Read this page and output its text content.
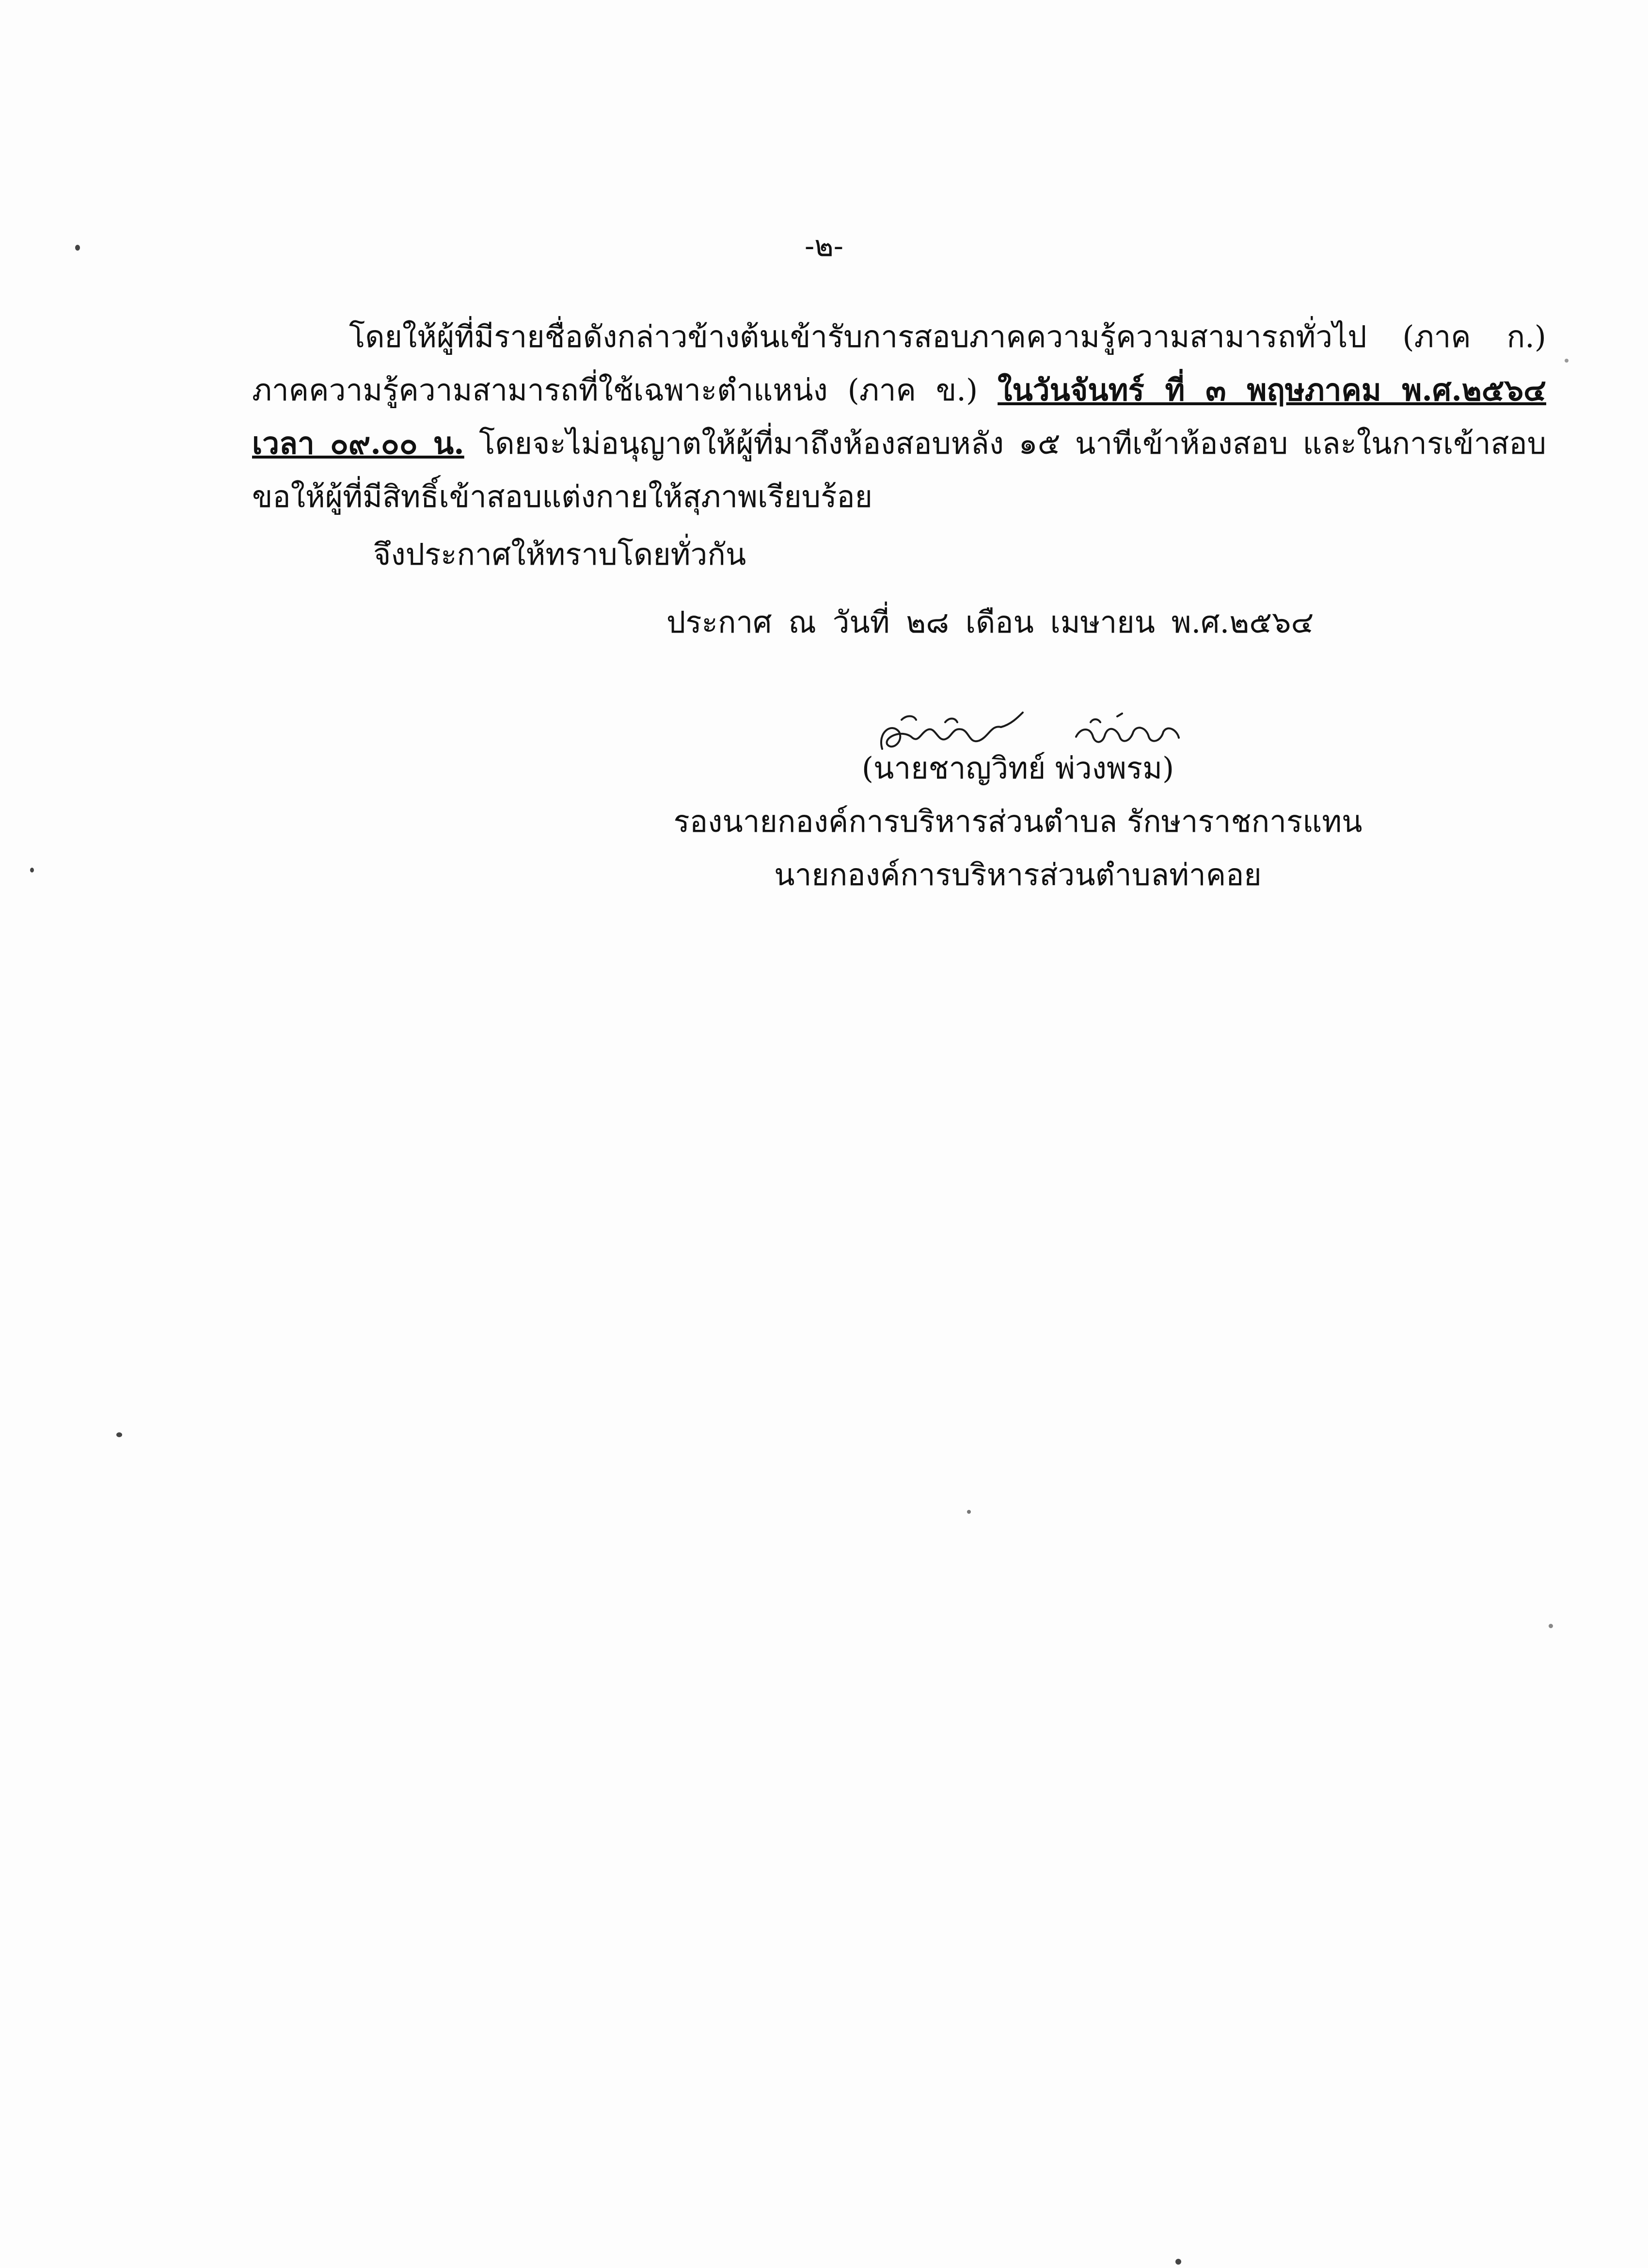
-๒-

โดยให้ผู้ที่มีรายชื่อดังกล่าวข้างต้นเข้ารับการสอบภาคความรู้ความสามารถทั่วไป (ภาค ก.) ภาคความรู้ความสามารถที่ใช้เฉพาะตำแหน่ง (ภาค ข.) ในวันจันทร์ ที่ ๓ พฤษภาคม พ.ศ.๒๕๖๔ เวลา ๐๙.๐๐ น. โดยจะไม่อนุญาตให้ผู้ที่มาถึงห้องสอบหลัง ๑๕ นาทีเข้าห้องสอบ และในการเข้าสอบขอให้ผู้ที่มีสิทธิ์เข้าสอบแต่งกายให้สุภาพเรียบร้อย

จึงประกาศให้ทราบโดยทั่วกัน
ประกาศ ณ วันที่ ๒๘ เดือน เมษายน พ.ศ.๒๕๖๔
(นายชาญวิทย์ พ่วงพรม)
รองนายกองค์การบริหารส่วนตำบล รักษาราชการแทน
นายกองค์การบริหารส่วนตำบลท่าคอย
